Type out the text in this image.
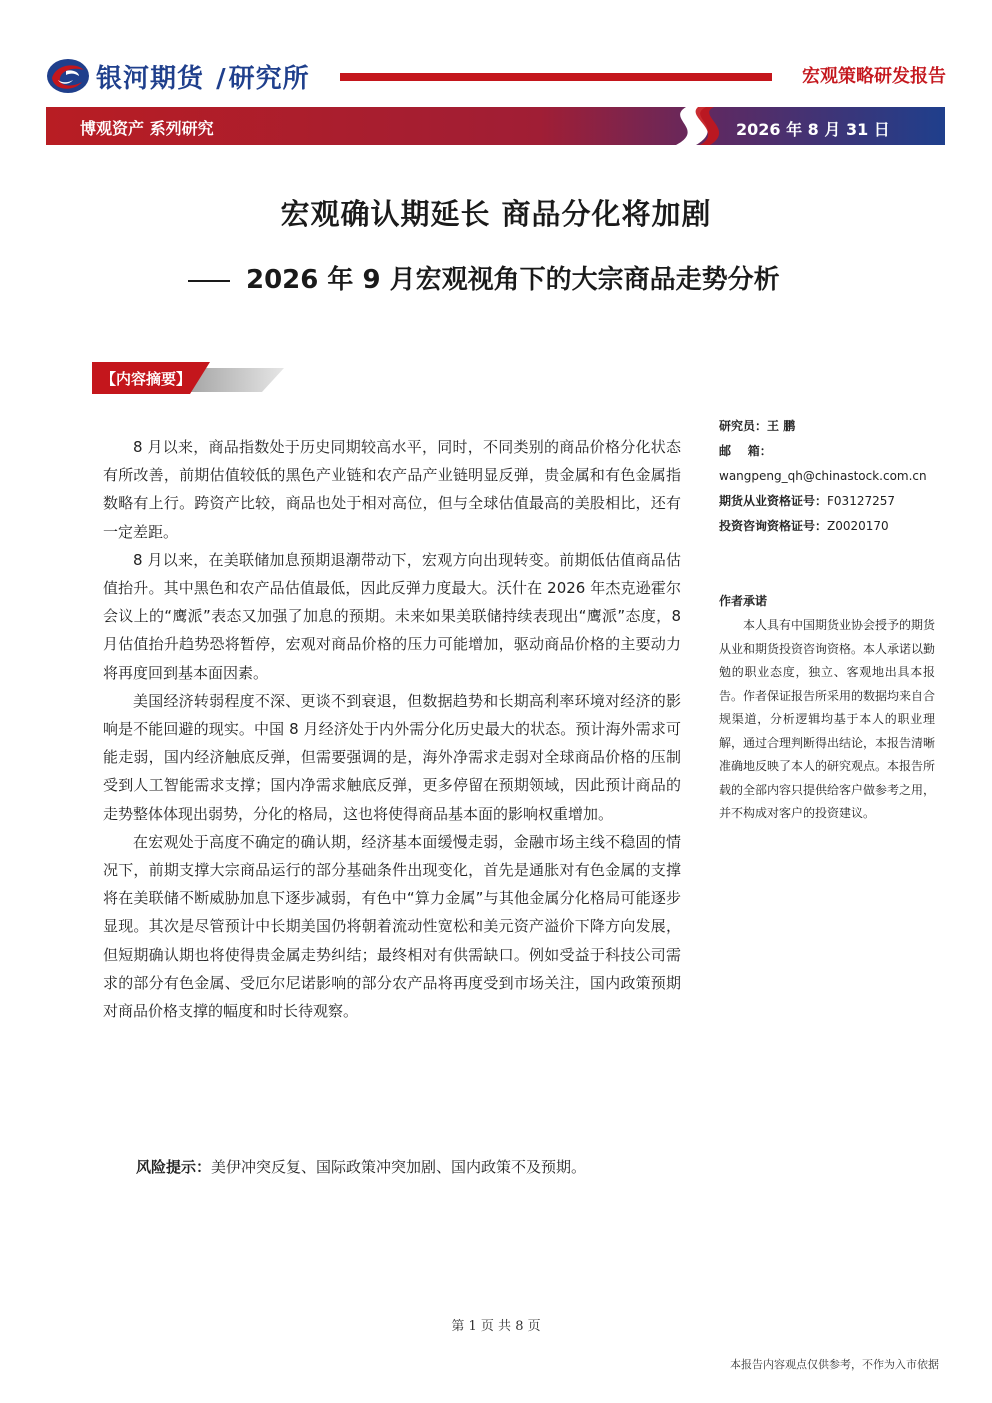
银河期货 /研究所	宏观策略研发报告
博观资产 系列研究	2026 年 8 月 31 日
宏观确认期延长 商品分化将加剧
2026 年 9 月宏观视角下的大宗商品走势分析
【内容摘要】

8 月以来，商品指数处于历史同期较高水平，同时，不同类别的商品价格分化状态有所改善，前期估值较低的黑色产业链和农产品产业链明显反弹，贵金属和有色金属指数略有上行。跨资产比较，商品也处于相对高位，但与全球估值最高的美股相比，还有一定差距。

8 月以来，在美联储加息预期退潮带动下，宏观方向出现转变。前期低估值商品估值抬升。其中黑色和农产品估值最低，因此反弹力度最大。沃什在 2026 年杰克逊霍尔会议上的“鹰派”表态又加强了加息的预期。未来如果美联储持续表现出“鹰派”态度，8 月估值抬升趋势恐将暂停，宏观对商品价格的压力可能增加，驱动商品价格的主要动力将再度回到基本面因素。

美国经济转弱程度不深、更谈不到衰退，但数据趋势和长期高利率环境对经济的影响是不能回避的现实。中国 8 月经济处于内外需分化历史最大的状态。预计海外需求可能走弱，国内经济触底反弹，但需要强调的是，海外净需求走弱对全球商品价格的压制受到人工智能需求支撑；国内净需求触底反弹，更多停留在预期领域，因此预计商品的走势整体体现出弱势，分化的格局，这也将使得商品基本面的影响权重增加。

在宏观处于高度不确定的确认期，经济基本面缓慢走弱，金融市场主线不稳固的情况下，前期支撑大宗商品运行的部分基础条件出现变化，首先是通胀对有色金属的支撑将在美联储不断威胁加息下逐步减弱，有色中“算力金属”与其他金属分化格局可能逐步显现。其次是尽管预计中长期美国仍将朝着流动性宽松和美元资产溢价下降方向发展，但短期确认期也将使得贵金属走势纠结；最终相对有供需缺口。例如受益于科技公司需求的部分有色金属、受厄尔尼诺影响的部分农产品将再度受到市场关注，国内政策预期对商品价格支撑的幅度和时长待观察。

风险提示：美伊冲突反复、国际政策冲突加剧、国内政策不及预期。
研究员：王 鹏
邮    箱：
wangpeng_qh@chinastock.com.cn
期货从业资格证号：F03127257
投资咨询资格证号：Z0020170
作者承诺
本人具有中国期货业协会授予的期货从业和期货投资咨询资格。本人承诺以勤勉的职业态度，独立、客观地出具本报告。作者保证报告所采用的数据均来自合规渠道，分析逻辑均基于本人的职业理解，通过合理判断得出结论，本报告清晰准确地反映了本人的研究观点。本报告所载的全部内容只提供给客户做参考之用，并不构成对客户的投资建议。
第 1 页 共 8 页
本报告内容观点仅供参考，不作为入市依据
